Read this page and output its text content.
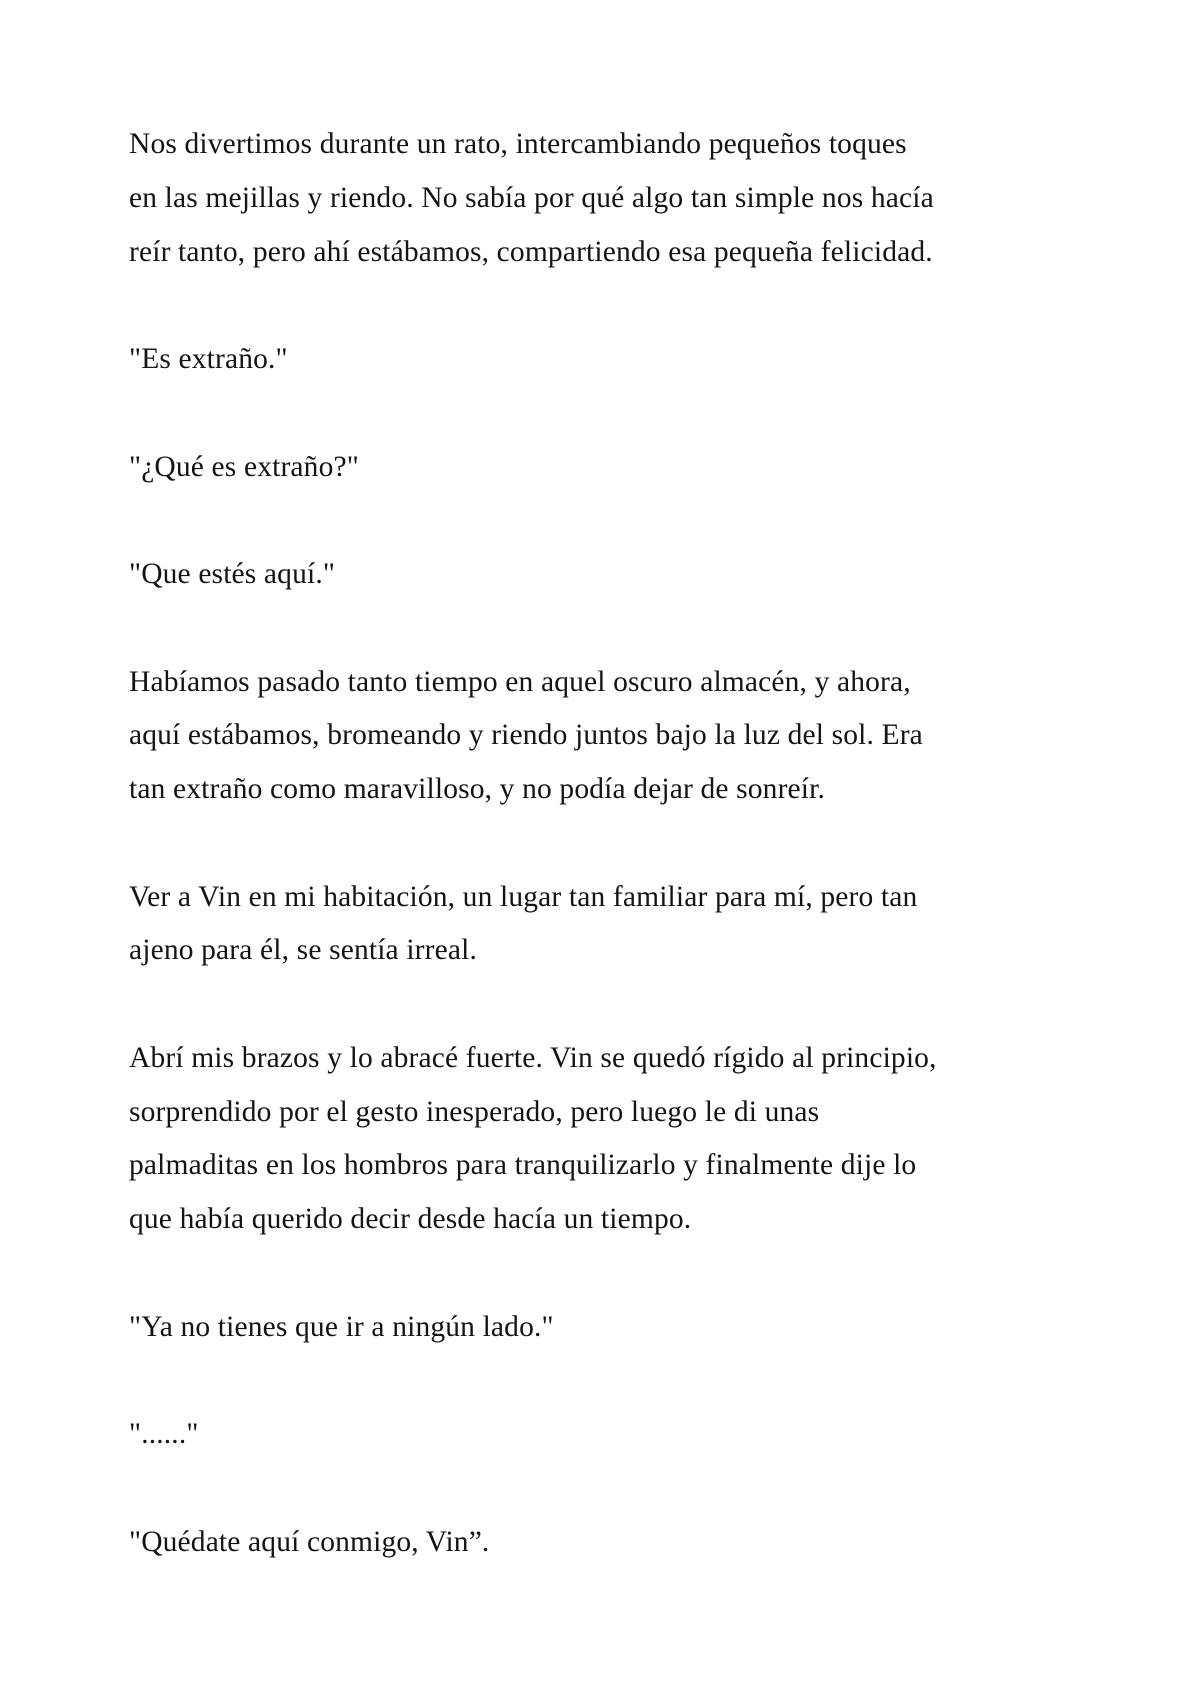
Nos divertimos durante un rato, intercambiando pequeños toques
en las mejillas y riendo. No sabía por qué algo tan simple nos hacía
reír tanto, pero ahí estábamos, compartiendo esa pequeña felicidad.

"Es extraño."

"¿Qué es extraño?"

"Que estés aquí."

Habíamos pasado tanto tiempo en aquel oscuro almacén, y ahora,
aquí estábamos, bromeando y riendo juntos bajo la luz del sol. Era
tan extraño como maravilloso, y no podía dejar de sonreír.

Ver a Vin en mi habitación, un lugar tan familiar para mí, pero tan
ajeno para él, se sentía irreal.

Abrí mis brazos y lo abracé fuerte. Vin se quedó rígido al principio,
sorprendido por el gesto inesperado, pero luego le di unas
palmaditas en los hombros para tranquilizarlo y finalmente dije lo
que había querido decir desde hacía un tiempo.

"Ya no tienes que ir a ningún lado."

"......"

"Quédate aquí conmigo, Vin”.
